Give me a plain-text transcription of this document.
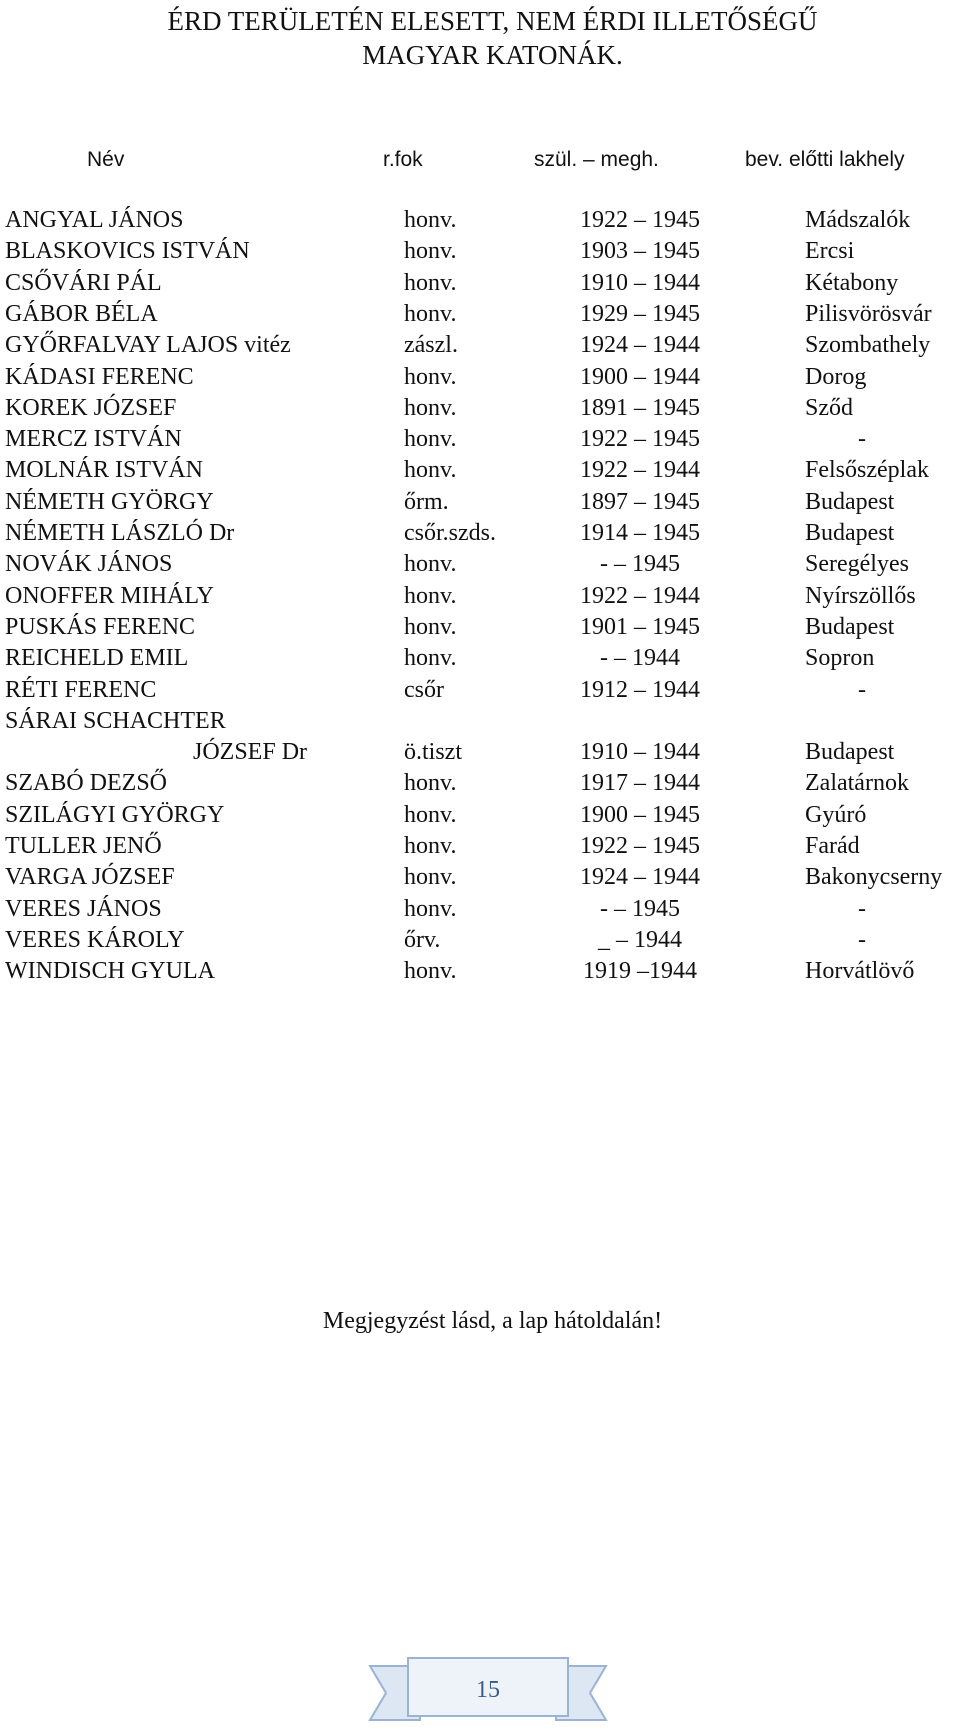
ÉRD TERÜLETÉN ELESETT, NEM ÉRDI ILLETŐSÉGŰ
MAGYAR KATONÁK.
Név	r.fok	szül. – megh.	bev. előtti lakhely
ANGYAL JÁNOS	honv.	1922 – 1945	Mádszalók
BLASKOVICS ISTVÁN	honv.	1903 – 1945	Ercsi
CSŐVÁRI PÁL	honv.	1910 – 1944	Kétabony
GÁBOR BÉLA	honv.	1929 – 1945	Pilisvörösvár
GYŐRFALVAY LAJOS vitéz	zászl.	1924 – 1944	Szombathely
KÁDASI FERENC	honv.	1900 – 1944	Dorog
KOREK JÓZSEF	honv.	1891 – 1945	Sződ
MERCZ ISTVÁN	honv.	1922 – 1945	-
MOLNÁR ISTVÁN	honv.	1922 – 1944	Felsőszéplak
NÉMETH GYÖRGY	őrm.	1897 – 1945	Budapest
NÉMETH LÁSZLÓ Dr	csőr.szds.	1914 – 1945	Budapest
NOVÁK JÁNOS	honv.	- – 1945	Seregélyes
ONOFFER MIHÁLY	honv.	1922 – 1944	Nyírszöllős
PUSKÁS FERENC	honv.	1901 – 1945	Budapest
REICHELD EMIL	honv.	- – 1944	Sopron
RÉTI FERENC	csőr	1912 – 1944	-
SÁRAI SCHACHTER
JÓZSEF Dr	ö.tiszt	1910 – 1944	Budapest
SZABÓ DEZSŐ	honv.	1917 – 1944	Zalatárnok
SZILÁGYI GYÖRGY	honv.	1900 – 1945	Gyúró
TULLER JENŐ	honv.	1922 – 1945	Farád
VARGA JÓZSEF	honv.	1924 – 1944	Bakonycserny
VERES JÁNOS	honv.	- – 1945	-
VERES KÁROLY	őrv.	_ – 1944	-
WINDISCH GYULA	honv.	1919 –1944	Horvátlövő
Megjegyzést lásd, a lap hátoldalán!
15
